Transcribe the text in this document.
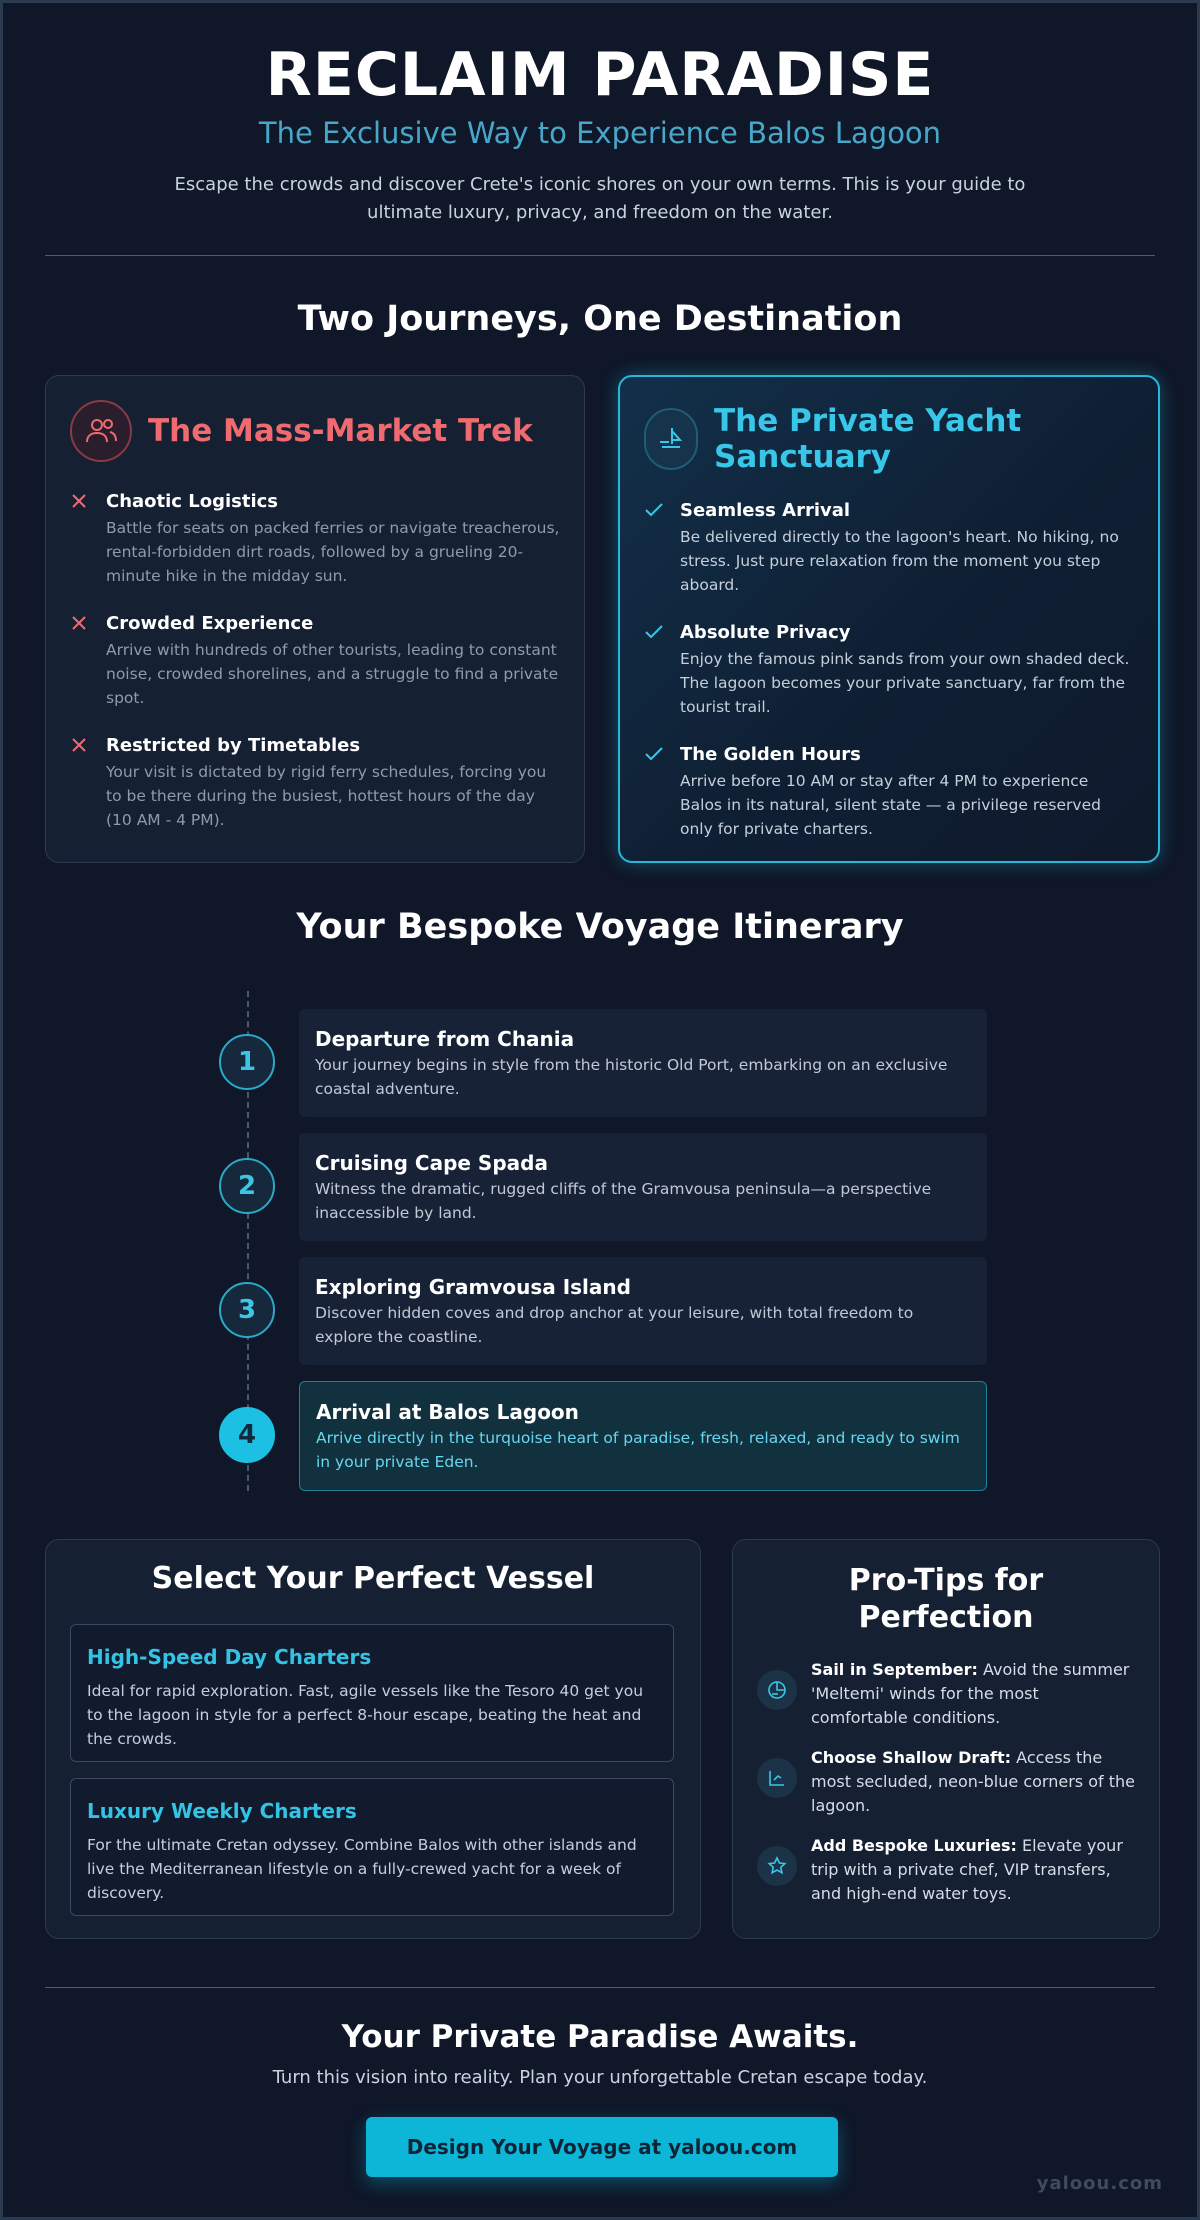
RECLAIM PARADISE
The Exclusive Way to Experience Balos Lagoon
Escape the crowds and discover Crete's iconic shores on your own terms. This is your guide to ultimate luxury, privacy, and freedom on the water.
Two Journeys, One Destination
The Mass-Market Trek
Chaotic Logistics
Battle for seats on packed ferries or navigate treacherous, rental-forbidden dirt roads, followed by a grueling 20-minute hike in the midday sun.
Crowded Experience
Arrive with hundreds of other tourists, leading to constant noise, crowded shorelines, and a struggle to find a private spot.
Restricted by Timetables
Your visit is dictated by rigid ferry schedules, forcing you to be there during the busiest, hottest hours of the day (10 AM - 4 PM).
The Private Yacht Sanctuary
Seamless Arrival
Be delivered directly to the lagoon's heart. No hiking, no stress. Just pure relaxation from the moment you step aboard.
Absolute Privacy
Enjoy the famous pink sands from your own shaded deck. The lagoon becomes your private sanctuary, far from the tourist trail.
The Golden Hours
Arrive before 10 AM or stay after 4 PM to experience Balos in its natural, silent state — a privilege reserved only for private charters.
Your Bespoke Voyage Itinerary
1
Departure from Chania
Your journey begins in style from the historic Old Port, embarking on an exclusive coastal adventure.
2
Cruising Cape Spada
Witness the dramatic, rugged cliffs of the Gramvousa peninsula—a perspective inaccessible by land.
3
Exploring Gramvousa Island
Discover hidden coves and drop anchor at your leisure, with total freedom to explore the coastline.
4
Arrival at Balos Lagoon
Arrive directly in the turquoise heart of paradise, fresh, relaxed, and ready to swim in your private Eden.
Select Your Perfect Vessel
High-Speed Day Charters
Ideal for rapid exploration. Fast, agile vessels like the Tesoro 40 get you to the lagoon in style for a perfect 8-hour escape, beating the heat and the crowds.
Luxury Weekly Charters
For the ultimate Cretan odyssey. Combine Balos with other islands and live the Mediterranean lifestyle on a fully-crewed yacht for a week of discovery.
Pro-Tips for Perfection
Sail in September: Avoid the summer 'Meltemi' winds for the most comfortable conditions.
Choose Shallow Draft: Access the most secluded, neon-blue corners of the lagoon.
Add Bespoke Luxuries: Elevate your trip with a private chef, VIP transfers, and high-end water toys.
Your Private Paradise Awaits.
Turn this vision into reality. Plan your unforgettable Cretan escape today.
Design Your Voyage at yaloou.com
yaloou.com
